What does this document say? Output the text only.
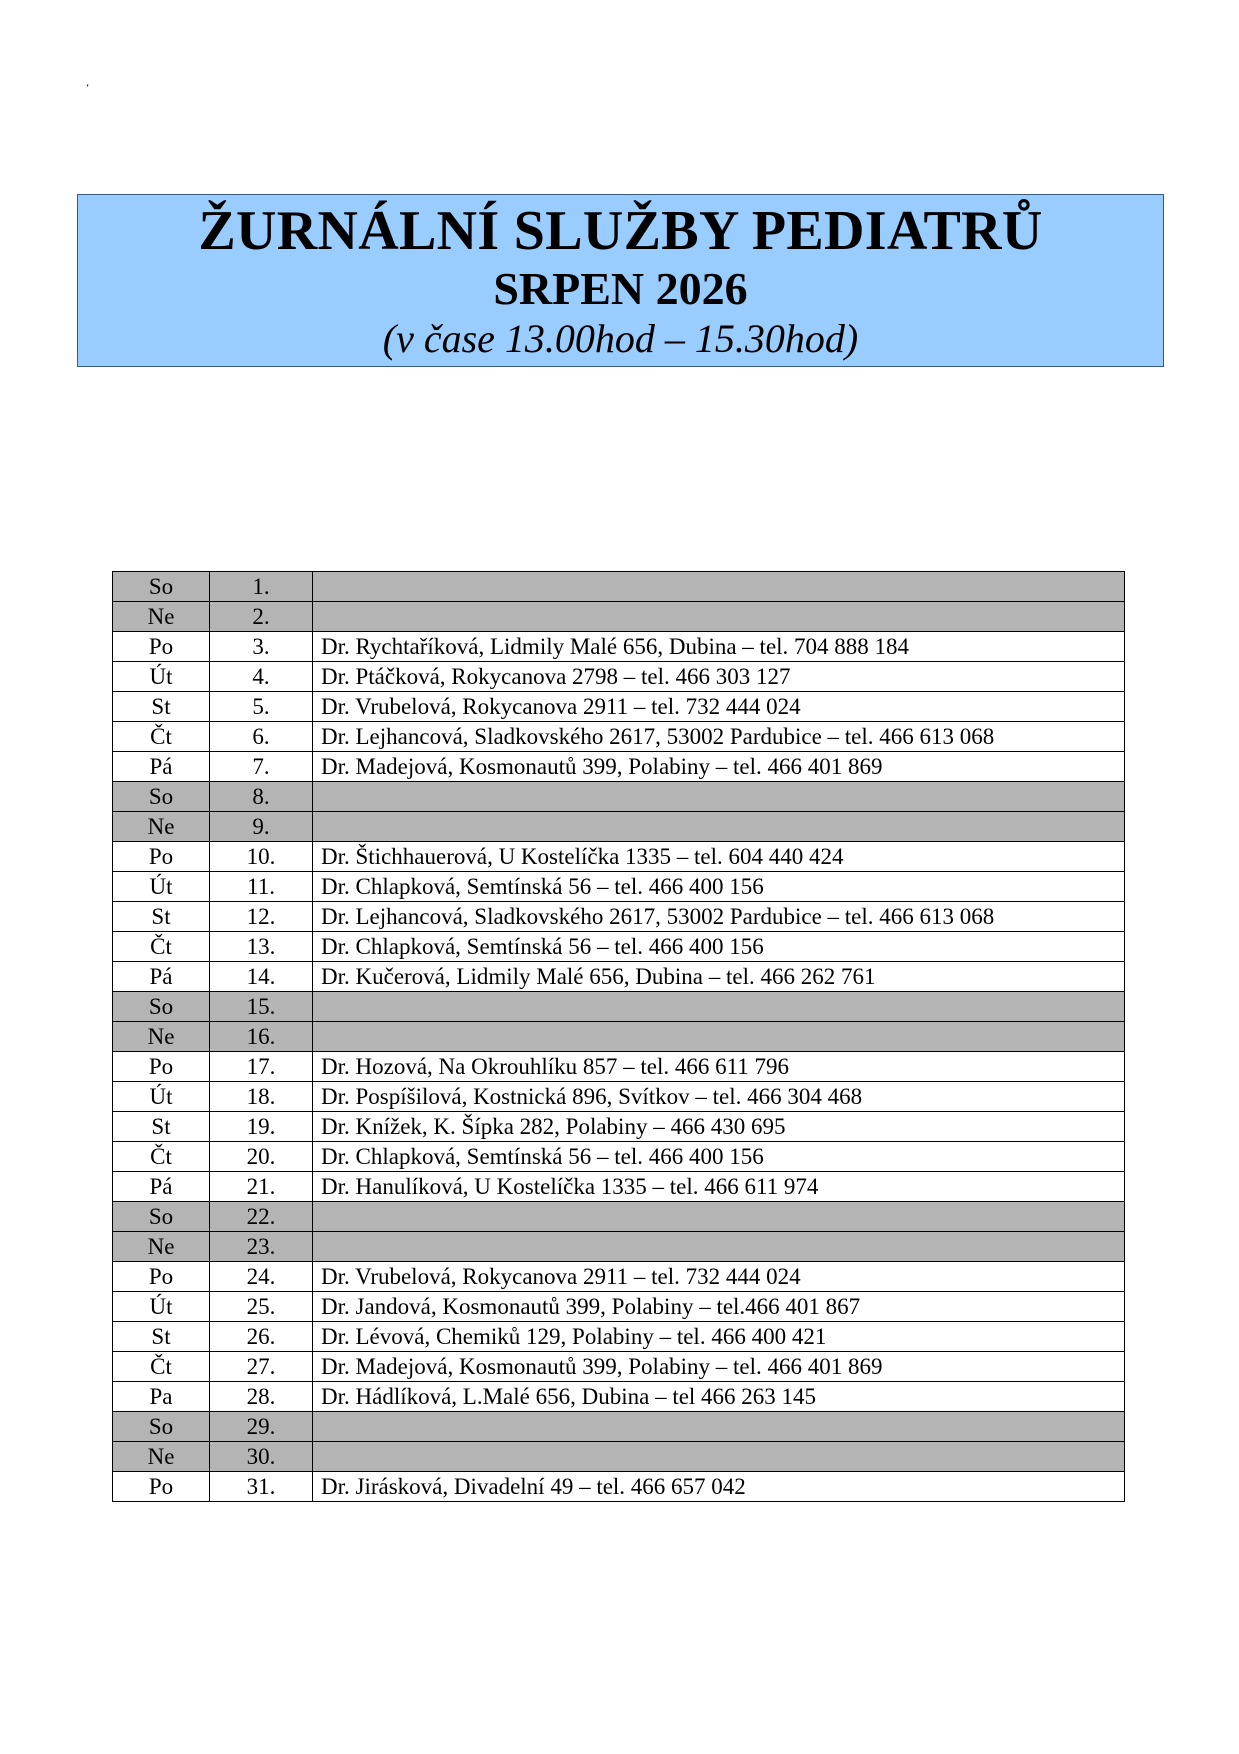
‘
ŽURNÁLNÍ SLUŽBY PEDIATRŮ
SRPEN 2026
(v čase 13.00hod – 15.30hod)
So	1.	
Ne	2.	
Po	3.	Dr. Rychtaříková, Lidmily Malé 656, Dubina – tel. 704 888 184
Út	4.	Dr. Ptáčková, Rokycanova 2798 – tel. 466 303 127
St	5.	Dr. Vrubelová, Rokycanova 2911 – tel. 732 444 024
Čt	6.	Dr. Lejhancová, Sladkovského 2617, 53002 Pardubice – tel. 466 613 068
Pá	7.	Dr. Madejová, Kosmonautů 399, Polabiny – tel. 466 401 869
So	8.	
Ne	9.	
Po	10.	Dr. Štichhauerová, U Kostelíčka 1335 – tel. 604 440 424
Út	11.	Dr. Chlapková, Semtínská 56 – tel. 466 400 156
St	12.	Dr. Lejhancová, Sladkovského 2617, 53002 Pardubice – tel. 466 613 068
Čt	13.	Dr. Chlapková, Semtínská 56 – tel. 466 400 156
Pá	14.	Dr. Kučerová, Lidmily Malé 656, Dubina – tel. 466 262 761
So	15.	
Ne	16.	
Po	17.	Dr. Hozová, Na Okrouhlíku 857 – tel. 466 611 796
Út	18.	Dr. Pospíšilová, Kostnická 896, Svítkov – tel. 466 304 468
St	19.	Dr. Knížek, K. Šípka 282, Polabiny – 466 430 695
Čt	20.	Dr. Chlapková, Semtínská 56 – tel. 466 400 156
Pá	21.	Dr. Hanulíková, U Kostelíčka 1335 – tel. 466 611 974
So	22.	
Ne	23.	
Po	24.	Dr. Vrubelová, Rokycanova 2911 – tel. 732 444 024
Út	25.	Dr. Jandová, Kosmonautů 399, Polabiny – tel.466 401 867
St	26.	Dr. Lévová, Chemiků 129, Polabiny – tel. 466 400 421
Čt	27.	Dr. Madejová, Kosmonautů 399, Polabiny – tel. 466 401 869
Pa	28.	Dr. Hádlíková, L.Malé 656, Dubina – tel 466 263 145
So	29.	
Ne	30.	
Po	31.	Dr. Jirásková, Divadelní 49 – tel. 466 657 042
